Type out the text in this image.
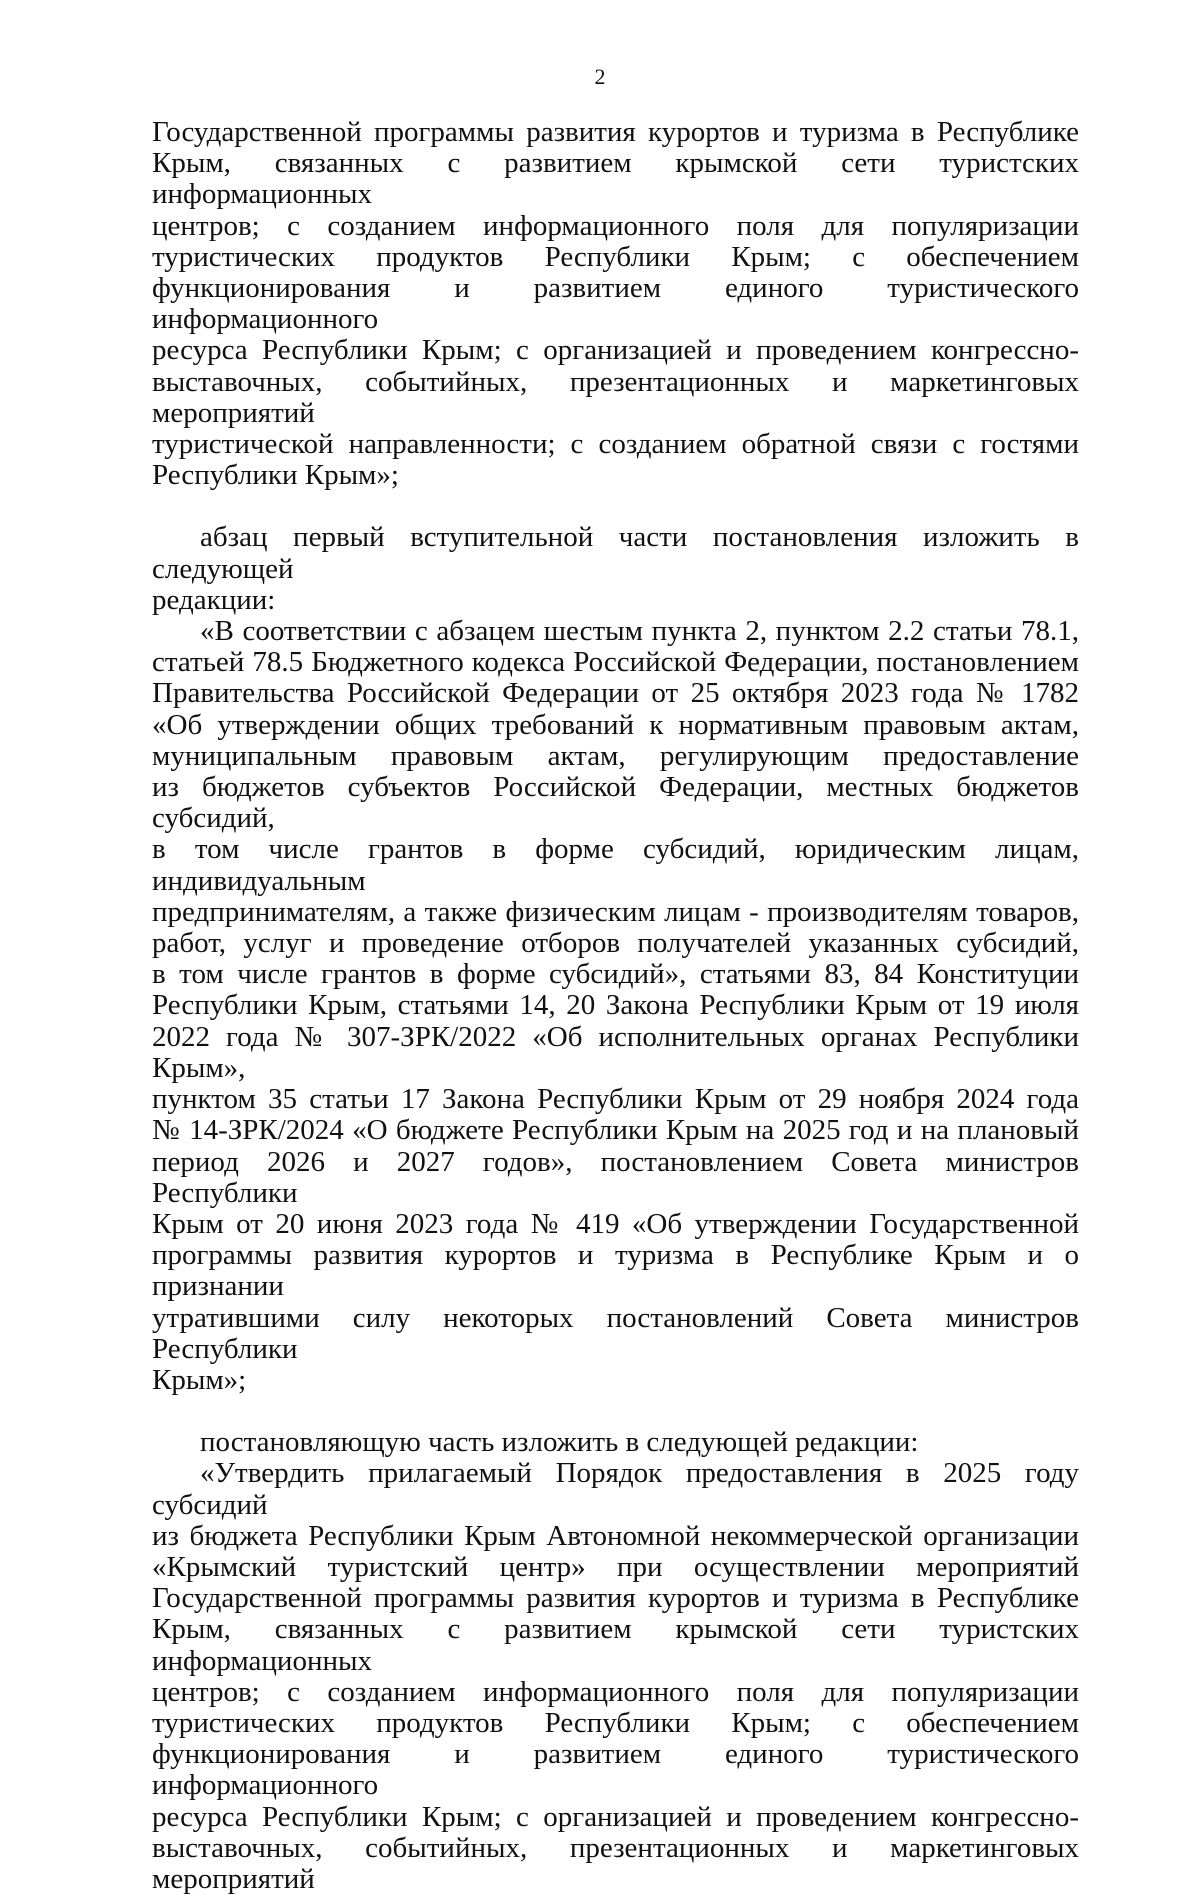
2

Государственной программы развития курортов и туризма в Республике
Крым, связанных с развитием крымской сети туристских информационных
центров; с созданием информационного поля для популяризации
туристических продуктов Республики Крым; с обеспечением
функционирования и развитием единого туристического информационного
ресурса Республики Крым; с организацией и проведением конгрессно-
выставочных, событийных, презентационных и маркетинговых мероприятий
туристической направленности; с созданием обратной связи с гостями
Республики Крым»;

абзац первый вступительной части постановления изложить в следующей
редакции:

«В соответствии с абзацем шестым пункта 2, пунктом 2.2 статьи 78.1,
статьей 78.5 Бюджетного кодекса Российской Федерации, постановлением
Правительства Российской Федерации от 25 октября 2023 года № 1782
«Об утверждении общих требований к нормативным правовым актам,
муниципальным правовым актам, регулирующим предоставление
из бюджетов субъектов Российской Федерации, местных бюджетов субсидий,
в том числе грантов в форме субсидий, юридическим лицам, индивидуальным
предпринимателям, а также физическим лицам - производителям товаров,
работ, услуг и проведение отборов получателей указанных субсидий,
в том числе грантов в форме субсидий», статьями 83, 84 Конституции
Республики Крым, статьями 14, 20 Закона Республики Крым от 19 июля
2022 года № 307-ЗРК/2022 «Об исполнительных органах Республики Крым»,
пунктом 35 статьи 17 Закона Республики Крым от 29 ноября 2024 года
№ 14-ЗРК/2024 «О бюджете Республики Крым на 2025 год и на плановый
период 2026 и 2027 годов», постановлением Совета министров Республики
Крым от 20 июня 2023 года № 419 «Об утверждении Государственной
программы развития курортов и туризма в Республике Крым и о признании
утратившими силу некоторых постановлений Совета министров Республики
Крым»;

постановляющую часть изложить в следующей редакции:

«Утвердить прилагаемый Порядок предоставления в 2025 году субсидий
из бюджета Республики Крым Автономной некоммерческой организации
«Крымский туристский центр» при осуществлении мероприятий
Государственной программы развития курортов и туризма в Республике
Крым, связанных с развитием крымской сети туристских информационных
центров; с созданием информационного поля для популяризации
туристических продуктов Республики Крым; с обеспечением
функционирования и развитием единого туристического информационного
ресурса Республики Крым; с организацией и проведением конгрессно-
выставочных, событийных, презентационных и маркетинговых мероприятий
